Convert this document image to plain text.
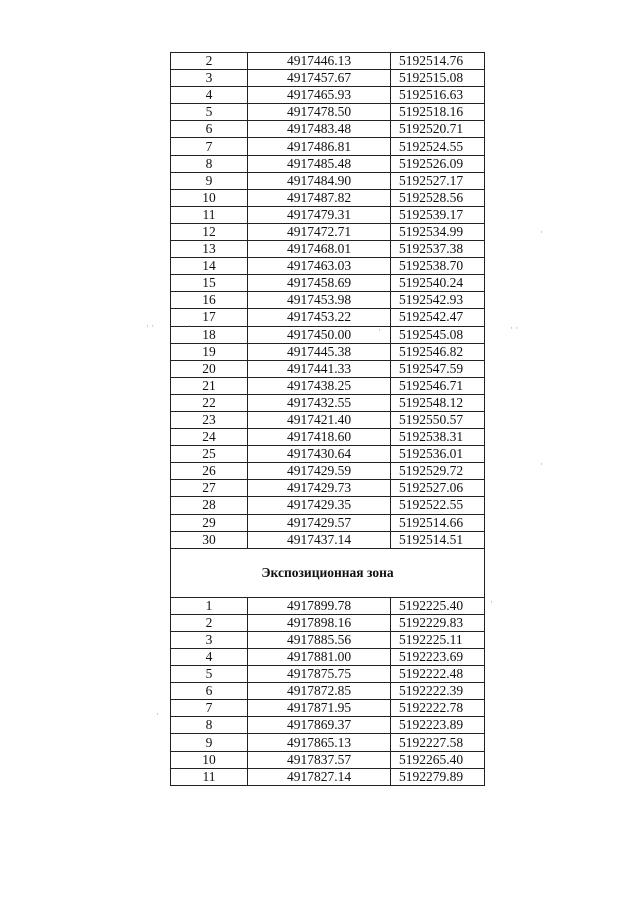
2	4917446.13	5192514.76
3	4917457.67	5192515.08
4	4917465.93	5192516.63
5	4917478.50	5192518.16
6	4917483.48	5192520.71
7	4917486.81	5192524.55
8	4917485.48	5192526.09
9	4917484.90	5192527.17
10	4917487.82	5192528.56
11	4917479.31	5192539.17
12	4917472.71	5192534.99
13	4917468.01	5192537.38
14	4917463.03	5192538.70
15	4917458.69	5192540.24
16	4917453.98	5192542.93
17	4917453.22	5192542.47
18	4917450.00	5192545.08
19	4917445.38	5192546.82
20	4917441.33	5192547.59
21	4917438.25	5192546.71
22	4917432.55	5192548.12
23	4917421.40	5192550.57
24	4917418.60	5192538.31
25	4917430.64	5192536.01
26	4917429.59	5192529.72
27	4917429.73	5192527.06
28	4917429.35	5192522.55
29	4917429.57	5192514.66
30	4917437.14	5192514.51
Экспозиционная зона		
1	4917899.78	5192225.40
2	4917898.16	5192229.83
3	4917885.56	5192225.11
4	4917881.00	5192223.69
5	4917875.75	5192222.48
6	4917872.85	5192222.39
7	4917871.95	5192222.78
8	4917869.37	5192223.89
9	4917865.13	5192227.58
10	4917837.57	5192265.40
11	4917827.14	5192279.89
· ·	·	·	· ·
·
·
·
·
